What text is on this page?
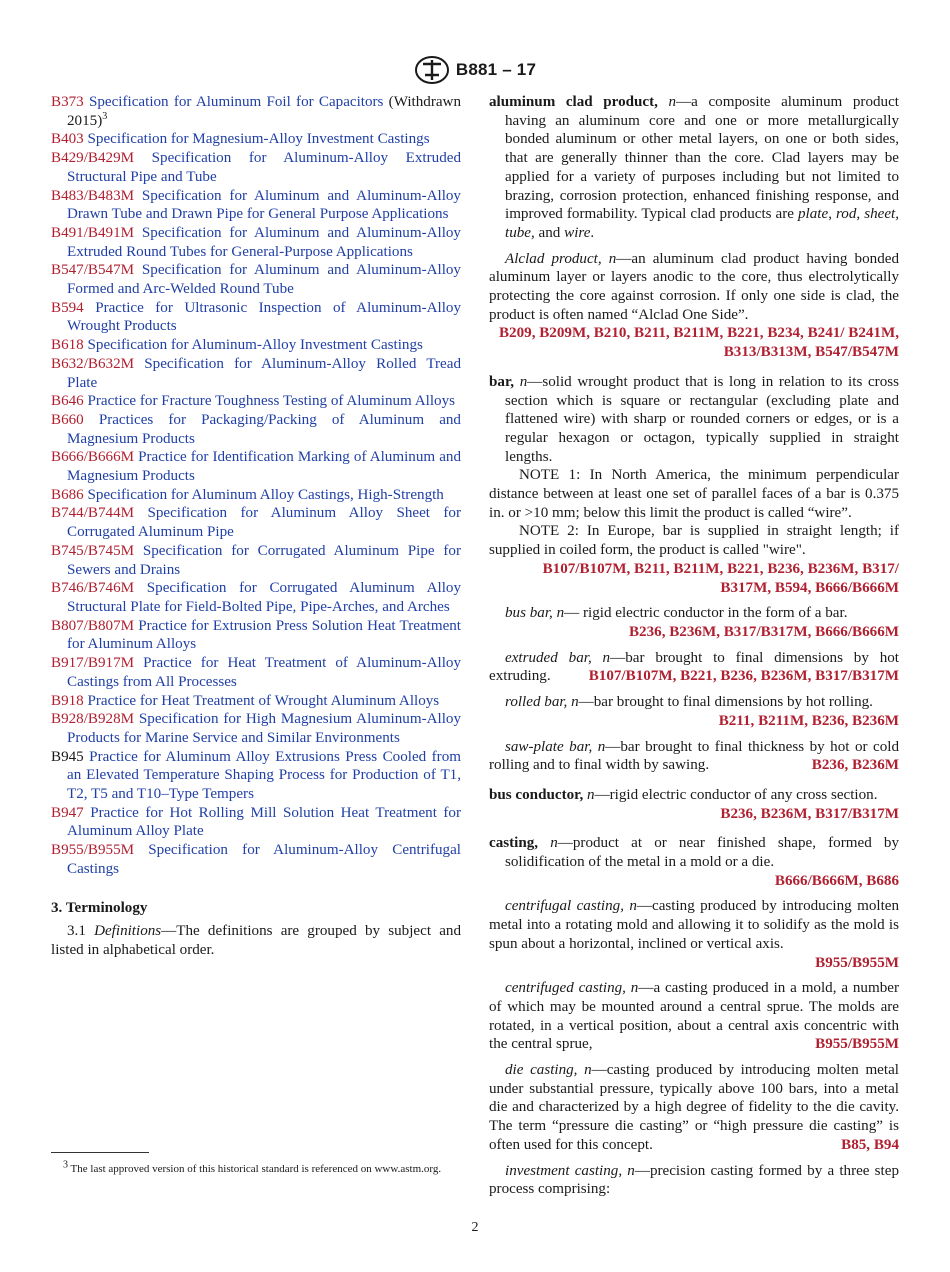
B881 – 17
B373 Specification for Aluminum Foil for Capacitors (Withdrawn 2015)$^3$
B403 Specification for Magnesium-Alloy Investment Castings
B429/B429M Specification for Aluminum-Alloy Extruded Structural Pipe and Tube
B483/B483M Specification for Aluminum and Aluminum-Alloy Drawn Tube and Drawn Pipe for General Purpose Applications
B491/B491M Specification for Aluminum and Aluminum-Alloy Extruded Round Tubes for General-Purpose Applications
B547/B547M Specification for Aluminum and Aluminum-Alloy Formed and Arc-Welded Round Tube
B594 Practice for Ultrasonic Inspection of Aluminum-Alloy Wrought Products
B618 Specification for Aluminum-Alloy Investment Castings
B632/B632M Specification for Aluminum-Alloy Rolled Tread Plate
B646 Practice for Fracture Toughness Testing of Aluminum Alloys
B660 Practices for Packaging/Packing of Aluminum and Magnesium Products
B666/B666M Practice for Identification Marking of Aluminum and Magnesium Products
B686 Specification for Aluminum Alloy Castings, High-Strength
B744/B744M Specification for Aluminum Alloy Sheet for Corrugated Aluminum Pipe
B745/B745M Specification for Corrugated Aluminum Pipe for Sewers and Drains
B746/B746M Specification for Corrugated Aluminum Alloy Structural Plate for Field-Bolted Pipe, Pipe-Arches, and Arches
B807/B807M Practice for Extrusion Press Solution Heat Treatment for Aluminum Alloys
B917/B917M Practice for Heat Treatment of Aluminum-Alloy Castings from All Processes
B918 Practice for Heat Treatment of Wrought Aluminum Alloys
B928/B928M Specification for High Magnesium Aluminum-Alloy Products for Marine Service and Similar Environments
B945 Practice for Aluminum Alloy Extrusions Press Cooled from an Elevated Temperature Shaping Process for Production of T1, T2, T5 and T10–Type Tempers
B947 Practice for Hot Rolling Mill Solution Heat Treatment for Aluminum Alloy Plate
B955/B955M Specification for Aluminum-Alloy Centrifugal Castings
3. Terminology
3.1 Definitions—The definitions are grouped by subject and listed in alphabetical order.
3 The last approved version of this historical standard is referenced on www.astm.org.
aluminum clad product, n—a composite aluminum product having an aluminum core and one or more metallurgically bonded aluminum or other metal layers, on one or both sides, that are generally thinner than the core. Clad layers may be applied for a variety of purposes including but not limited to brazing, corrosion protection, enhanced finishing response, and improved formability. Typical clad products are plate, rod, sheet, tube, and wire.
Alclad product, n—an aluminum clad product having bonded aluminum layer or layers anodic to the core, thus electrolytically protecting the core against corrosion. If only one side is clad, the product is often named “Alclad One Side”.
B209, B209M, B210, B211, B211M, B221, B234, B241/ B241M, B313/B313M, B547/B547M
bar, n—solid wrought product that is long in relation to its cross section which is square or rectangular (excluding plate and flattened wire) with sharp or rounded corners or edges, or is a regular hexagon or octagon, typically supplied in straight lengths.
NOTE 1: In North America, the minimum perpendicular distance between at least one set of parallel faces of a bar is 0.375 in. or >10 mm; below this limit the product is called “wire”.
NOTE 2: In Europe, bar is supplied in straight length; if supplied in coiled form, the product is called "wire".
B107/B107M, B211, B211M, B221, B236, B236M, B317/ B317M, B594, B666/B666M
bus bar, n— rigid electric conductor in the form of a bar.
B236, B236M, B317/B317M, B666/B666M
extruded bar, n—bar brought to final dimensions by hot extruding.	B107/B107M, B221, B236, B236M, B317/B317M
rolled bar, n—bar brought to final dimensions by hot rolling.
B211, B211M, B236, B236M
saw-plate bar, n—bar brought to final thickness by hot or cold rolling and to final width by sawing.	B236, B236M
bus conductor, n—rigid electric conductor of any cross section.
B236, B236M, B317/B317M
casting, n—product at or near finished shape, formed by solidification of the metal in a mold or a die.
B666/B666M, B686
centrifugal casting, n—casting produced by introducing molten metal into a rotating mold and allowing it to solidify as the mold is spun about a horizontal, inclined or vertical axis.
B955/B955M
centrifuged casting, n—a casting produced in a mold, a number of which may be mounted around a central sprue. The molds are rotated, in a vertical position, about a central axis concentric with the central sprue,	B955/B955M
die casting, n—casting produced by introducing molten metal under substantial pressure, typically above 100 bars, into a metal die and characterized by a high degree of fidelity to the die cavity. The term “pressure die casting” or “high pressure die casting” is often used for this concept.	B85, B94
investment casting, n—precision casting formed by a three step process comprising:
2
